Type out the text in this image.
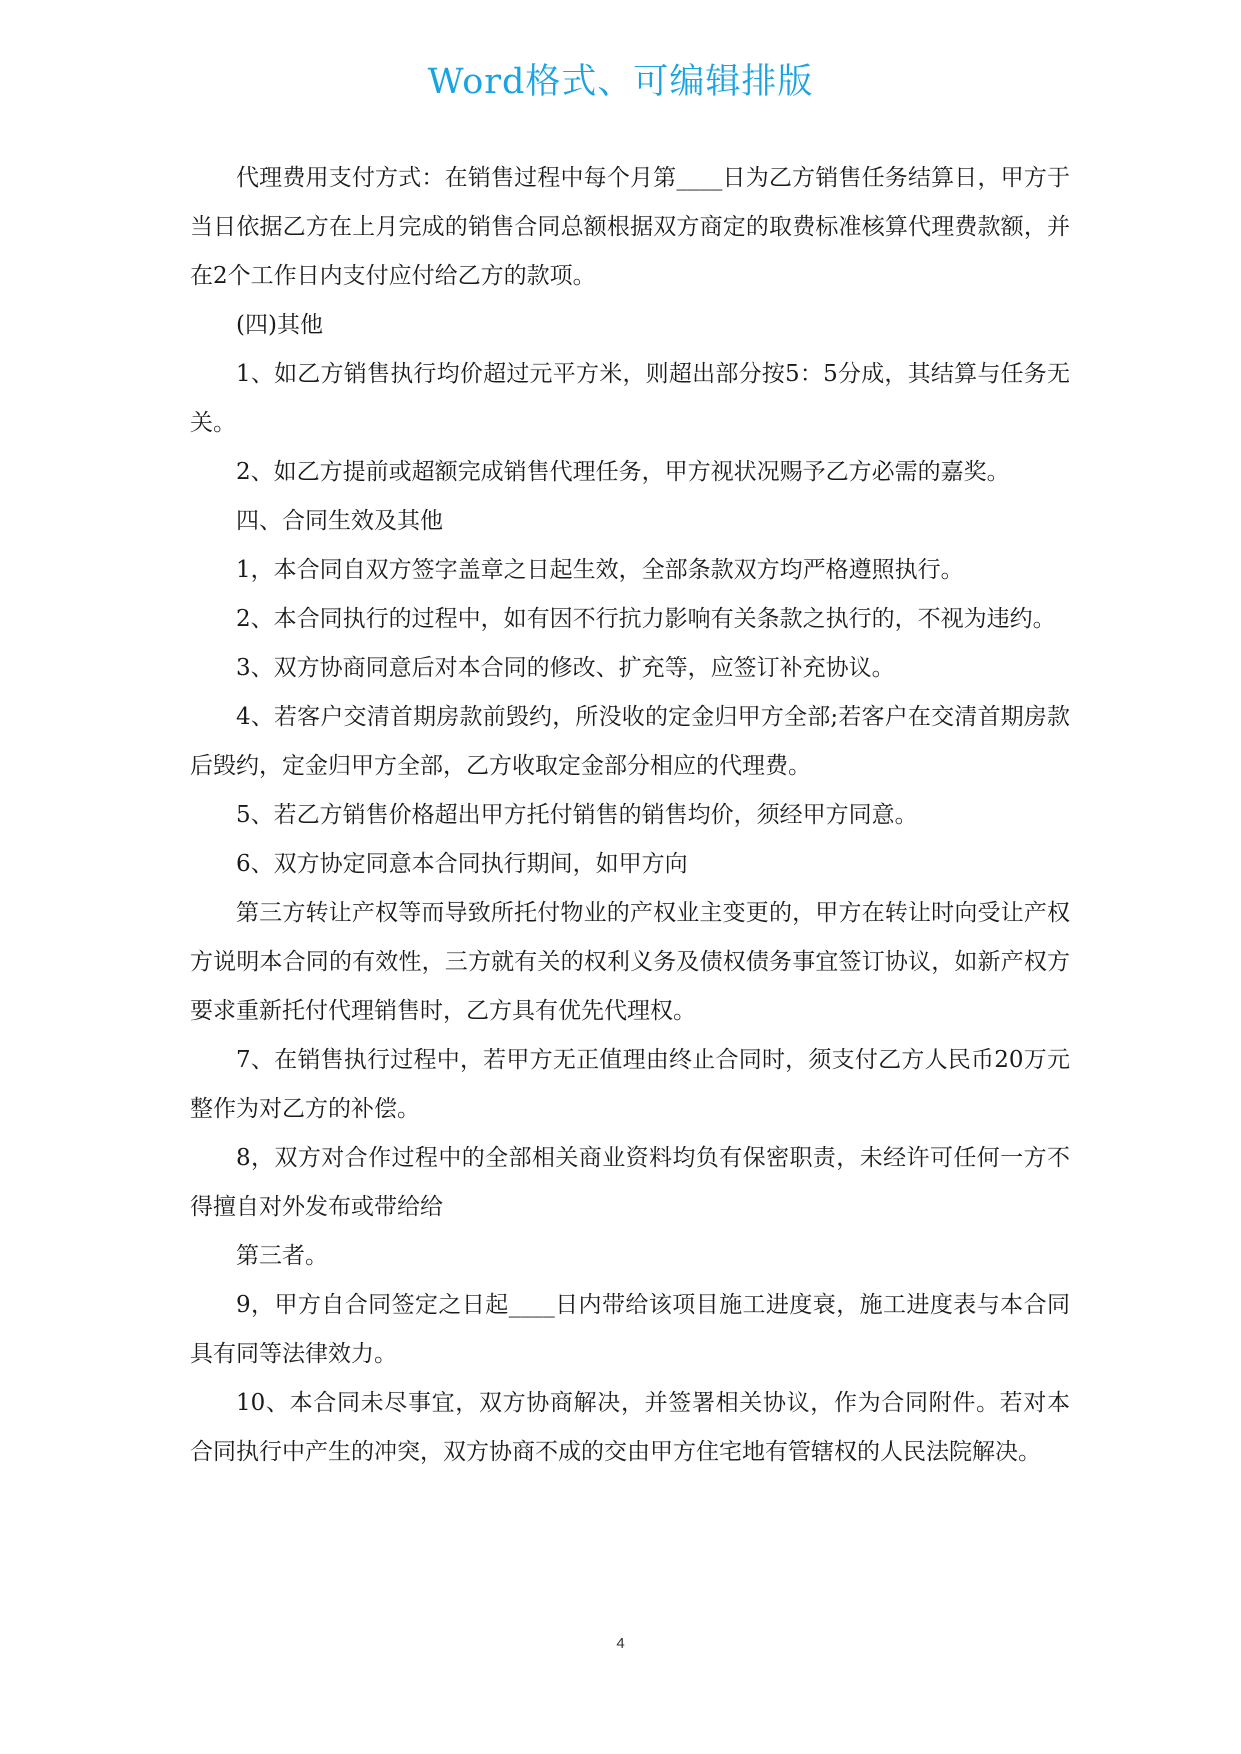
Word格式、可编辑排版

代理费用支付方式：在销售过程中每个月第____日为乙方销售任务结算日，甲方于当日依据乙方在上月完成的销售合同总额根据双方商定的取费标准核算代理费款额，并在2个工作日内支付应付给乙方的款项。

(四)其他

1、如乙方销售执行均价超过元平方米，则超出部分按5：5分成，其结算与任务无关。

2、如乙方提前或超额完成销售代理任务，甲方视状况赐予乙方必需的嘉奖。

四、合同生效及其他

1，本合同自双方签字盖章之日起生效，全部条款双方均严格遵照执行。

2、本合同执行的过程中，如有因不行抗力影响有关条款之执行的，不视为违约。

3、双方协商同意后对本合同的修改、扩充等，应签订补充协议。

4、若客户交清首期房款前毁约，所没收的定金归甲方全部;若客户在交清首期房款后毁约，定金归甲方全部，乙方收取定金部分相应的代理费。

5、若乙方销售价格超出甲方托付销售的销售均价，须经甲方同意。

6、双方协定同意本合同执行期间，如甲方向

第三方转让产权等而导致所托付物业的产权业主变更的，甲方在转让时向受让产权方说明本合同的有效性，三方就有关的权利义务及债权债务事宜签订协议，如新产权方要求重新托付代理销售时，乙方具有优先代理权。

7、在销售执行过程中，若甲方无正值理由终止合同时，须支付乙方人民币20万元整作为对乙方的补偿。

8，双方对合作过程中的全部相关商业资料均负有保密职责，未经许可任何一方不得擅自对外发布或带给给

第三者。

9，甲方自合同签定之日起____日内带给该项目施工进度衰，施工进度表与本合同具有同等法律效力。

10、本合同未尽事宜，双方协商解决，并签署相关协议，作为合同附件。若对本合同执行中产生的冲突，双方协商不成的交由甲方住宅地有管辖权的人民法院解决。

4
